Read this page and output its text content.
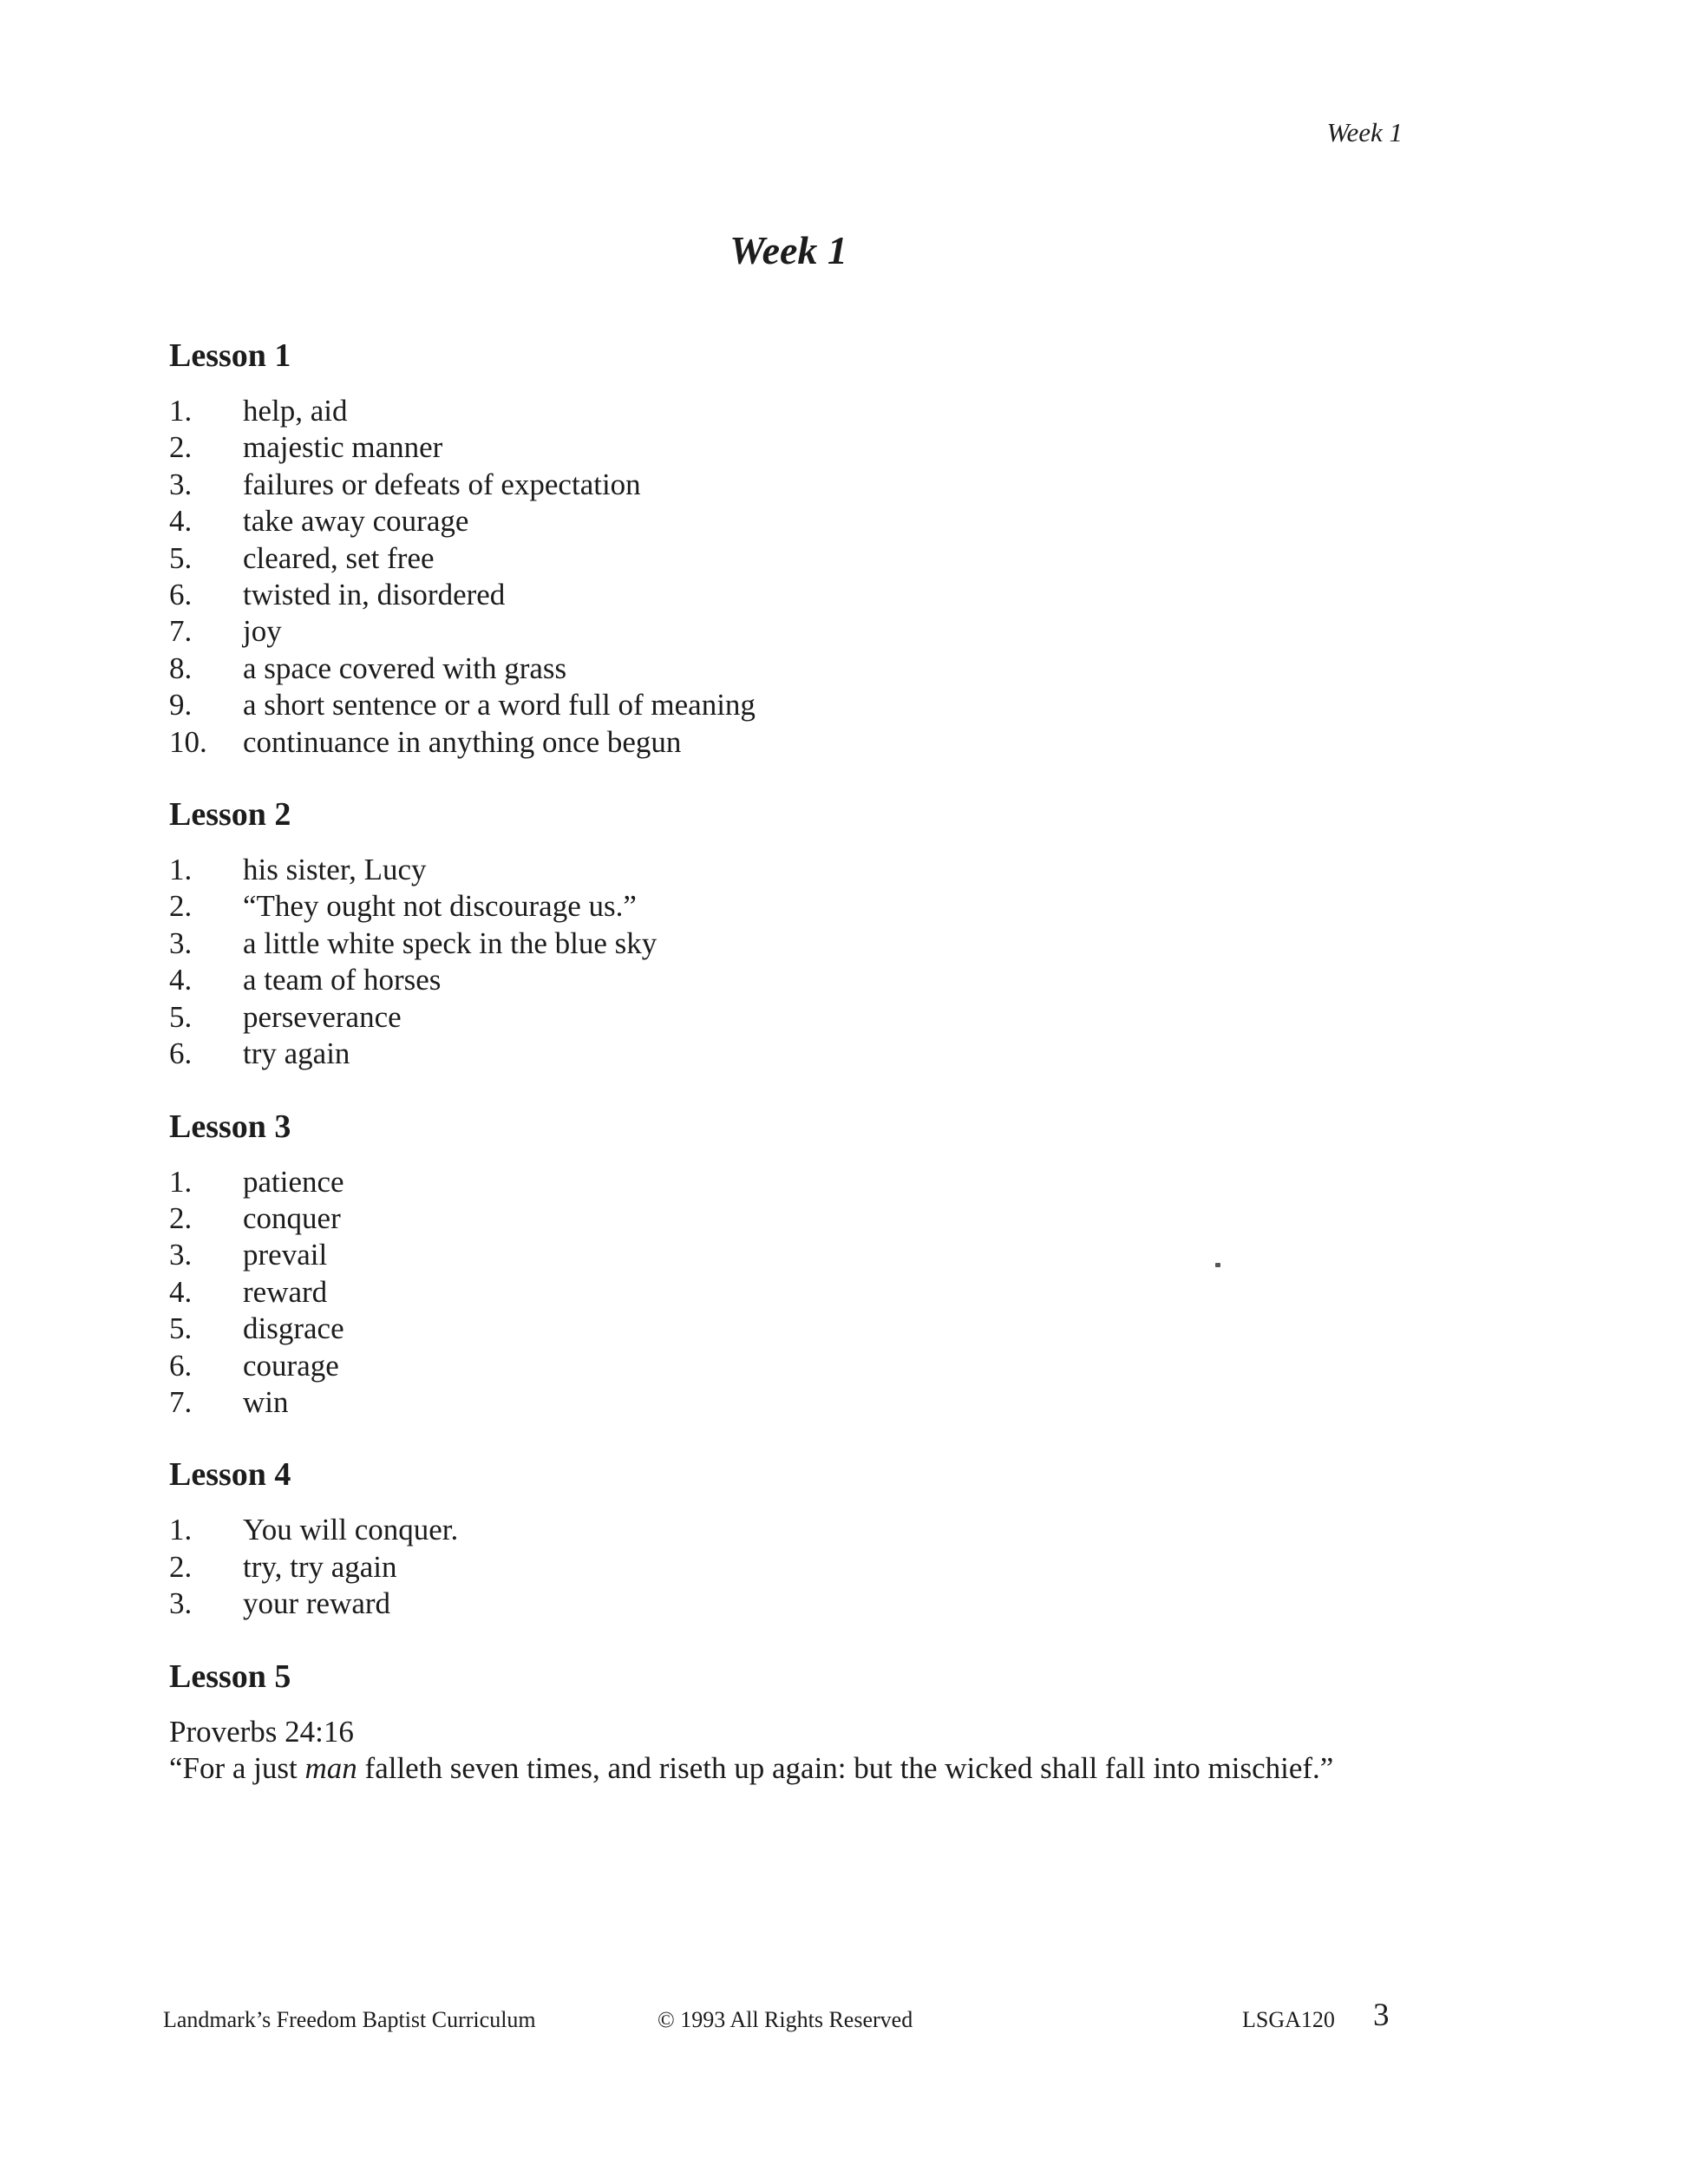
Week 1
Week 1
Lesson 1
1. help, aid
2. majestic manner
3. failures or defeats of expectation
4. take away courage
5. cleared, set free
6. twisted in, disordered
7. joy
8. a space covered with grass
9. a short sentence or a word full of meaning
10. continuance in anything once begun
Lesson 2
1. his sister, Lucy
2. “They ought not discourage us.”
3. a little white speck in the blue sky
4. a team of horses
5. perseverance
6. try again
Lesson 3
1. patience
2. conquer
3. prevail
4. reward
5. disgrace
6. courage
7. win
Lesson 4
1. You will conquer.
2. try, try again
3. your reward
Lesson 5
Proverbs 24:16
“For a just man falleth seven times, and riseth up again: but the wicked shall fall into mischief.”
Landmark’s Freedom Baptist Curriculum	© 1993 All Rights Reserved	LSGA120 3
